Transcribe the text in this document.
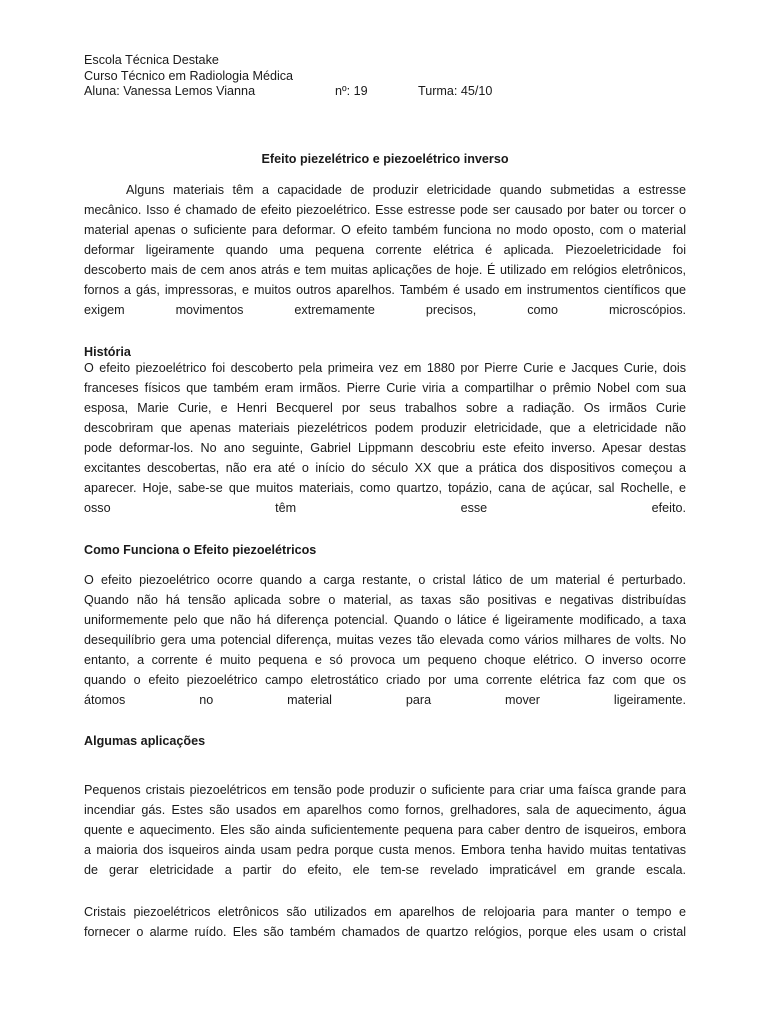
Escola Técnica Destake
Curso Técnico em Radiologia Médica
Aluna: Vanessa Lemos Vianna	nº: 19	Turma: 45/10
Efeito piezelétrico e piezoelétrico inverso
Alguns materiais têm a capacidade de produzir eletricidade quando submetidas a estresse
mecânico. Isso é chamado de efeito piezoelétrico. Esse estresse pode ser causado por bater ou torcer o
material apenas o suficiente para deformar. O efeito também funciona no modo oposto, com o material
deformar ligeiramente quando uma pequena corrente elétrica é aplicada. Piezoeletricidade foi
descoberto mais de cem anos atrás e tem muitas aplicações de hoje. É utilizado em relógios eletrônicos,
fornos a gás, impressoras, e muitos outros aparelhos. Também é usado em instrumentos científicos que
exigem movimentos extremamente precisos, como microscópios.
História
O efeito piezoelétrico foi descoberto pela primeira vez em 1880 por Pierre Curie e Jacques Curie, dois
franceses físicos que também eram irmãos. Pierre Curie viria a compartilhar o prêmio Nobel com sua
esposa, Marie Curie, e Henri Becquerel por seus trabalhos sobre a radiação. Os irmãos Curie
descobriram que apenas materiais piezelétricos podem produzir eletricidade, que a eletricidade não
pode deformar-los. No ano seguinte, Gabriel Lippmann descobriu este efeito inverso. Apesar destas
excitantes descobertas, não era até o início do século XX que a prática dos dispositivos começou a
aparecer. Hoje, sabe-se que muitos materiais, como quartzo, topázio, cana de açúcar, sal Rochelle, e
osso têm esse efeito.
Como Funciona o Efeito piezoelétricos
O efeito piezoelétrico ocorre quando a carga restante, o cristal lático de um material é perturbado.
Quando não há tensão aplicada sobre o material, as taxas são positivas e negativas distribuídas
uniformemente pelo que não há diferença potencial. Quando o látice é ligeiramente modificado, a taxa
desequilíbrio gera uma potencial diferença, muitas vezes tão elevada como vários milhares de volts. No
entanto, a corrente é muito pequena e só provoca um pequeno choque elétrico. O inverso ocorre
quando o efeito piezoelétrico campo eletrostático criado por uma corrente elétrica faz com que os
átomos no material para mover ligeiramente.
Algumas aplicações
Pequenos cristais piezoelétricos em tensão pode produzir o suficiente para criar uma faísca grande para
incendiar gás. Estes são usados em aparelhos como fornos, grelhadores, sala de aquecimento, água
quente e aquecimento. Eles são ainda suficientemente pequena para caber dentro de isqueiros, embora
a maioria dos isqueiros ainda usam pedra porque custa menos. Embora tenha havido muitas tentativas
de gerar eletricidade a partir do efeito, ele tem-se revelado impraticável em grande escala.
Cristais piezoelétricos eletrônicos são utilizados em aparelhos de relojoaria para manter o tempo e
fornecer o alarme ruído. Eles são também chamados de quartzo relógios, porque eles usam o cristal
